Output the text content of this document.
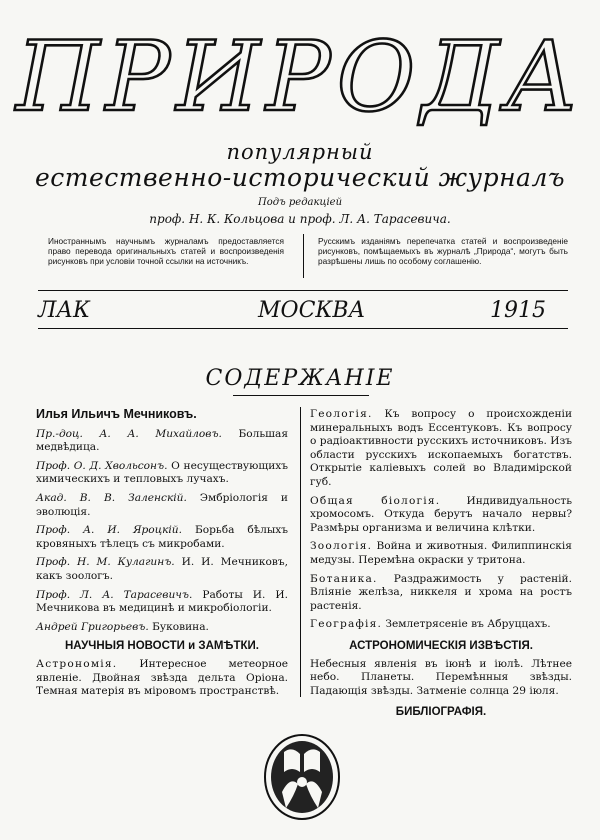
ПРИРОДА
популярный
естественно-исторический журналъ
Подъ редакціей
проф. Н. К. Кольцова и проф. Л. А. Тарасевича.
Иностраннымъ научнымъ журналамъ предоставляется право перевода оригинальныхъ статей и воспроизведенія рисунковъ при условіи точной ссылки на источникъ.
Русскимъ изданіямъ перепечатка статей и воспроизведеніе рисунковъ, помѣщаемыхъ въ журналѣ „Природа“, могутъ быть разрѣшены лишь по особому соглашенію.
ЛАК	МОСКВА	1915
СОДЕРЖАНІЕ
Илья Ильичъ Мечниковъ.
Пр.-доц. А. А. Михайловъ. Большая медвѣдица.
Проф. О. Д. Хвольсонъ. О несуществующихъ химическихъ и тепловыхъ лучахъ.
Акад. В. В. Заленскій. Эмбріологія и эволюція.
Проф. А. И. Яроцкій. Борьба бѣлыхъ кровяныхъ тѣлецъ съ микробами.
Проф. Н. М. Кулагинъ. И. И. Мечниковъ, какъ зоологъ.
Проф. Л. А. Тарасевичъ. Работы И. И. Мечникова въ медицинѣ и микробіологіи.
Андрей Григорьевъ. Буковина.
НАУЧНЫЯ НОВОСТИ и ЗАМѢТКИ.
Астрономія. Интересное метеорное явленіе. Двойная звѣзда дельта Оріона. Темная матерія въ міровомъ пространствѣ.
Геологія. Къ вопросу о происхожденіи минеральныхъ водъ Ессентуковъ. Къ вопросу о радіоактивности русскихъ источниковъ. Изъ области русскихъ ископаемыхъ богатствъ. Открытіе каліевыхъ солей во Владимірской губ.
Общая біологія. Индивидуальность хромосомъ. Откуда берутъ начало нервы? Размѣры организма и величина клѣтки.
Зоологія. Война и животныя. Филиппинскія медузы. Перемѣна окраски у тритона.
Ботаника. Раздражимость у растеній. Вліяніе желѣза, никкеля и хрома на ростъ растенія.
Географія. Землетрясеніе въ Абруццахъ.
АСТРОНОМИЧЕСКІЯ ИЗВѢСТІЯ.
Небесныя явленія въ іюнѣ и іюлѣ. Лѣтнее небо. Планеты. Перемѣнныя звѣзды. Падающія звѣзды. Затменіе солнца 29 іюля.
БИБЛІОГРАФІЯ.
